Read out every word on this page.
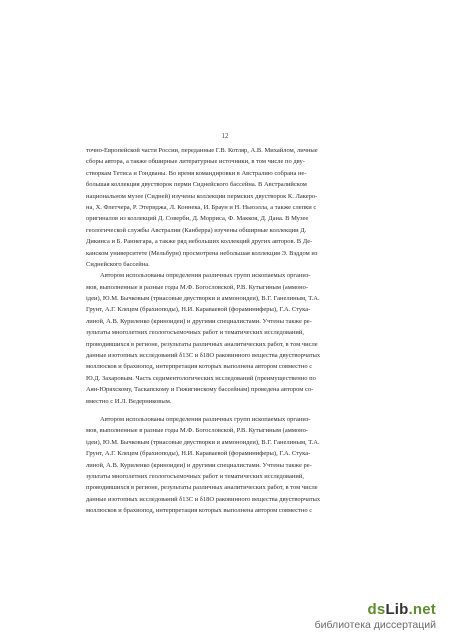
12
точно-Европейской части России, переданные Г.В. Котляр, А.В. Михайлом, личные
сборы автора, а также обширные литературные источники, в том числе по дву-
створкам Тетиса и Гондваны. Во время командировки в Австралию собрана не-
большая коллекция двустворок перми Сиднейского бассейна. В Австралийском
национальном музее (Сидней) изучены коллекции пермских двустворок К. Лакеро-
на, X. Флетчера, Р. Этериджа, Л. Коннека, И. Браун и Н. Ньюэлла, а также слепки с
оригиналов из коллекций Д. Соверби, Д. Морриса, Ф. Маккоя, Д. Дана. В Музее
геологической службы Австралии (Канберра) изучены обширные коллекции Д.
Дикинса и Б. Раннегара, а также ряд небольших коллекций других авторов. В Де-
канском университете (Мельбурн) просмотрена небольшая коллекция Э. Вэддом из
Сиднейского бассейна.
Автором использованы определения различных групп ископаемых организ-
мов, выполненные в разные годы М.Ф. Богословской, Р.В. Кутыгиным (аммоно-
ідеи), Ю.М. Бычковым (триасовые двустворки и аммоноидеи), В.Г. Ганелиным, Т.А.
Грунт, А.Г. Клецем (брахиоподы), Н.И. Караваевой (фораминиферы), Г.А. Стука-
линой, А.В. Куриленко (криноидеи) и другими специалистами. Учтены также ре-
зультаты многолетних геологосъемочных работ и тематических исследований,
проводившихся в регионе, результаты различных аналитических работ, в том числе
данные изотопных исследований δ13C и δ18O раковинного вещества двустворчатых
моллюсков и брахиопод, интерпретация которых выполнена автором совместно с
Ю.Д. Захаровым. Часть седиментологических исследований (преимущественно по
Аян-Юряхскому, Таскапскому и Гижигинскому бассейнам) проведена автором со-
вместно с И.Л. Ведерниковым.
Автором использованы определения различных групп ископаемых организ-
мов, выполненные в разные годы М.Ф. Богословской, Р.В. Кутыгиным (аммоно-
ідеи), Ю.М. Бычковым (триасовые двустворки и аммоноидеи), В.Г. Ганелиным, Т.А.
Грунт, А.Г. Клецем (брахиоподы), Н.И. Караваевой (фораминиферы), Г.А. Стука-
линой, А.В. Куриленко (криноидеи) и другими специалистами. Учтены также ре-
зультаты многолетних геологосъемочных работ и тематических исследований,
проводившихся в регионе, результаты различных аналитических работ, в том числе
данные изотопных исследований δ13C и δ18O раковинного вещества двустворчатых
моллюсков и брахиопод, интерпретация которых выполнена автором совместно с
dsLib.net
библиотека диссертаций
